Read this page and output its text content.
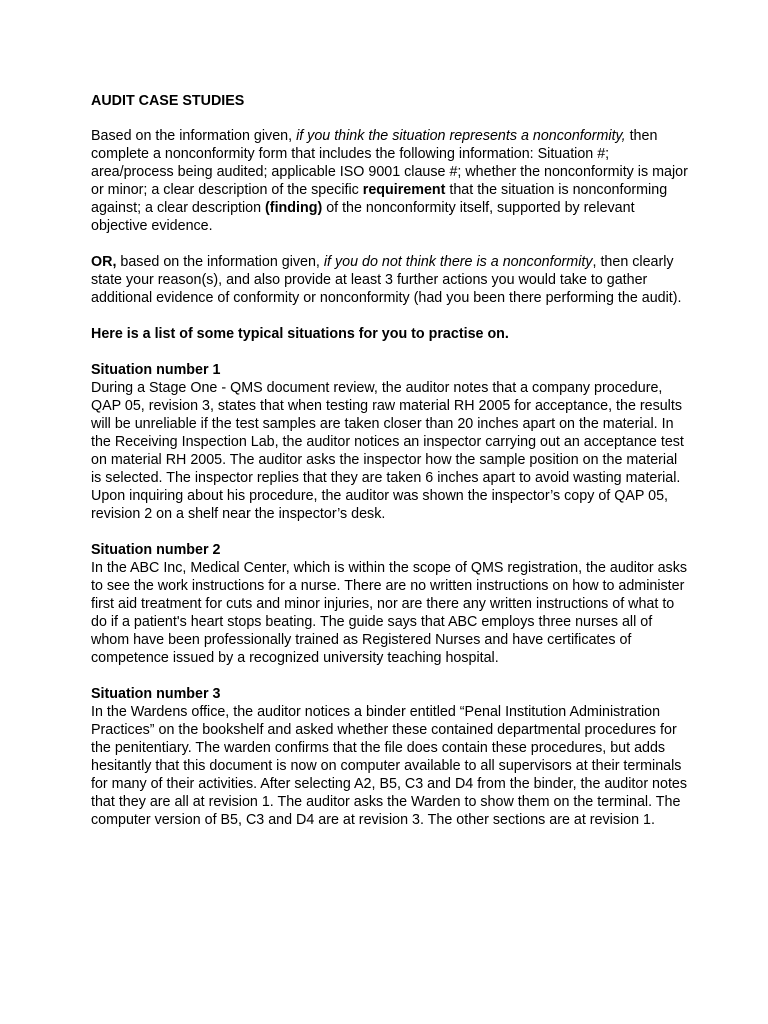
AUDIT CASE STUDIES

Based on the information given, if you think the situation represents a nonconformity, then complete a nonconformity form that includes the following information: Situation #; area/process being audited; applicable ISO 9001 clause #; whether the nonconformity is major or minor; a clear description of the specific requirement that the situation is nonconforming against; a clear description (finding) of the nonconformity itself, supported by relevant objective evidence.

OR, based on the information given, if you do not think there is a nonconformity, then clearly state your reason(s), and also provide at least 3 further actions you would take to gather additional evidence of conformity or nonconformity (had you been there performing the audit).

Here is a list of some typical situations for you to practise on.
Situation number 1
During a Stage One - QMS document review, the auditor notes that a company procedure, QAP 05, revision 3, states that when testing raw material RH 2005 for acceptance, the results will be unreliable if the test samples are taken closer than 20 inches apart on the material. In the Receiving Inspection Lab, the auditor notices an inspector carrying out an acceptance test on material RH 2005. The auditor asks the inspector how the sample position on the material is selected. The inspector replies that they are taken 6 inches apart to avoid wasting material. Upon inquiring about his procedure, the auditor was shown the inspector’s copy of QAP 05, revision 2 on a shelf near the inspector’s desk.
Situation number 2
In the ABC Inc, Medical Center, which is within the scope of QMS registration, the auditor asks to see the work instructions for a nurse. There are no written instructions on how to administer first aid treatment for cuts and minor injuries, nor are there any written instructions of what to do if a patient's heart stops beating. The guide says that ABC employs three nurses all of whom have been professionally trained as Registered Nurses and have certificates of competence issued by a recognized university teaching hospital.
Situation number 3
In the Wardens office, the auditor notices a binder entitled “Penal Institution Administration Practices” on the bookshelf and asked whether these contained departmental procedures for the penitentiary. The warden confirms that the file does contain these procedures, but adds hesitantly that this document is now on computer available to all supervisors at their terminals for many of their activities. After selecting A2, B5, C3 and D4 from the binder, the auditor notes that they are all at revision 1. The auditor asks the Warden to show them on the terminal. The computer version of B5, C3 and D4 are at revision 3. The other sections are at revision 1.
